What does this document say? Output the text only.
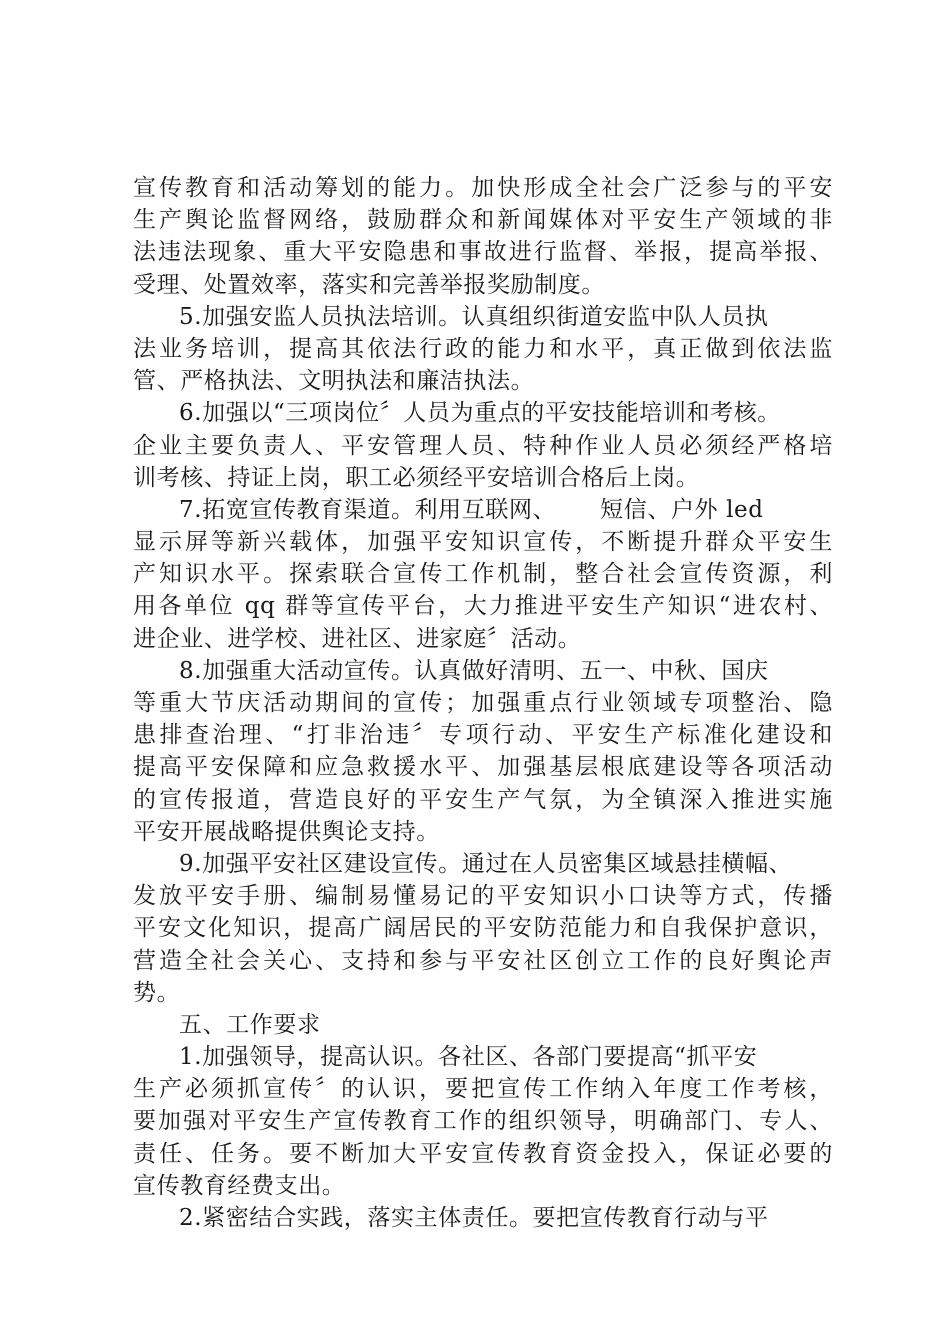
宣传教育和活动筹划的能力。加快形成全社会广泛参与的平安
生产舆论监督网络，鼓励群众和新闻媒体对平安生产领域的非
法违法现象、重大平安隐患和事故进行监督、举报，提高举报、
受理、处置效率，落实和完善举报奖励制度。
5.加强安监人员执法培训。认真组织街道安监中队人员执
法业务培训，提高其依法行政的能力和水平，真正做到依法监
管、严格执法、文明执法和廉洁执法。
6.加强以“三项岗位〞人员为重点的平安技能培训和考核。
企业主要负责人、平安管理人员、特种作业人员必须经严格培
训考核、持证上岗，职工必须经平安培训合格后上岗。
7.拓宽宣传教育渠道。利用互联网、 短信、户外 led
显示屏等新兴载体，加强平安知识宣传，不断提升群众平安生
产知识水平。探索联合宣传工作机制，整合社会宣传资源，利
用各单位 qq 群等宣传平台，大力推进平安生产知识“进农村、
进企业、进学校、进社区、进家庭〞活动。
8.加强重大活动宣传。认真做好清明、五一、中秋、国庆
等重大节庆活动期间的宣传；加强重点行业领域专项整治、隐
患排查治理、“打非治违〞专项行动、平安生产标准化建设和
提高平安保障和应急救援水平、加强基层根底建设等各项活动
的宣传报道，营造良好的平安生产气氛，为全镇深入推进实施
平安开展战略提供舆论支持。
9.加强平安社区建设宣传。通过在人员密集区域悬挂横幅、
发放平安手册、编制易懂易记的平安知识小口诀等方式，传播
平安文化知识，提高广阔居民的平安防范能力和自我保护意识，
营造全社会关心、支持和参与平安社区创立工作的良好舆论声
势。
五、工作要求
1.加强领导，提高认识。各社区、各部门要提高“抓平安
生产必须抓宣传〞的认识，要把宣传工作纳入年度工作考核，
要加强对平安生产宣传教育工作的组织领导，明确部门、专人、
责任、任务。要不断加大平安宣传教育资金投入，保证必要的
宣传教育经费支出。
2.紧密结合实践，落实主体责任。要把宣传教育行动与平
